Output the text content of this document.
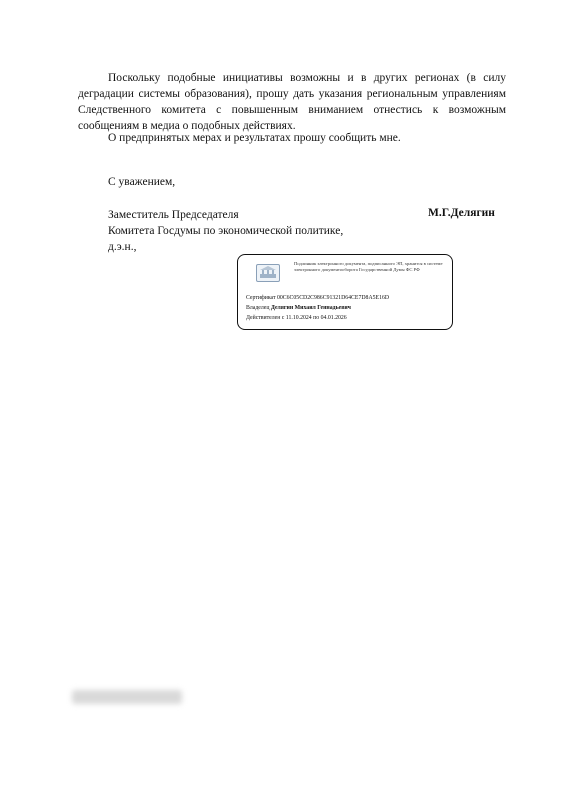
Поскольку подобные инициативы возможны и в других регионах (в силу деградации системы образования), прошу дать указания региональным управлениям Следственного комитета с повышенным вниманием отнестись к возможным сообщениям в медиа о подобных действиях.

О предпринятых мерах и результатах прошу сообщить мне.

С уважением,
Заместитель Председателя
Комитета Госдумы по экономической политике,
д.э.н.,
М.Г.Делягин
Подлинник электронного документа, подписанного ЭП, хранится в системе электронного документооборота Государственной Думы ФС РФ
Сертификат 00C6C05CD2C986C91321D64CE7D8A5E16D
Владелец Делягин Михаил Геннадьевич
Действителен с 11.10.2024 по 04.01.2026
